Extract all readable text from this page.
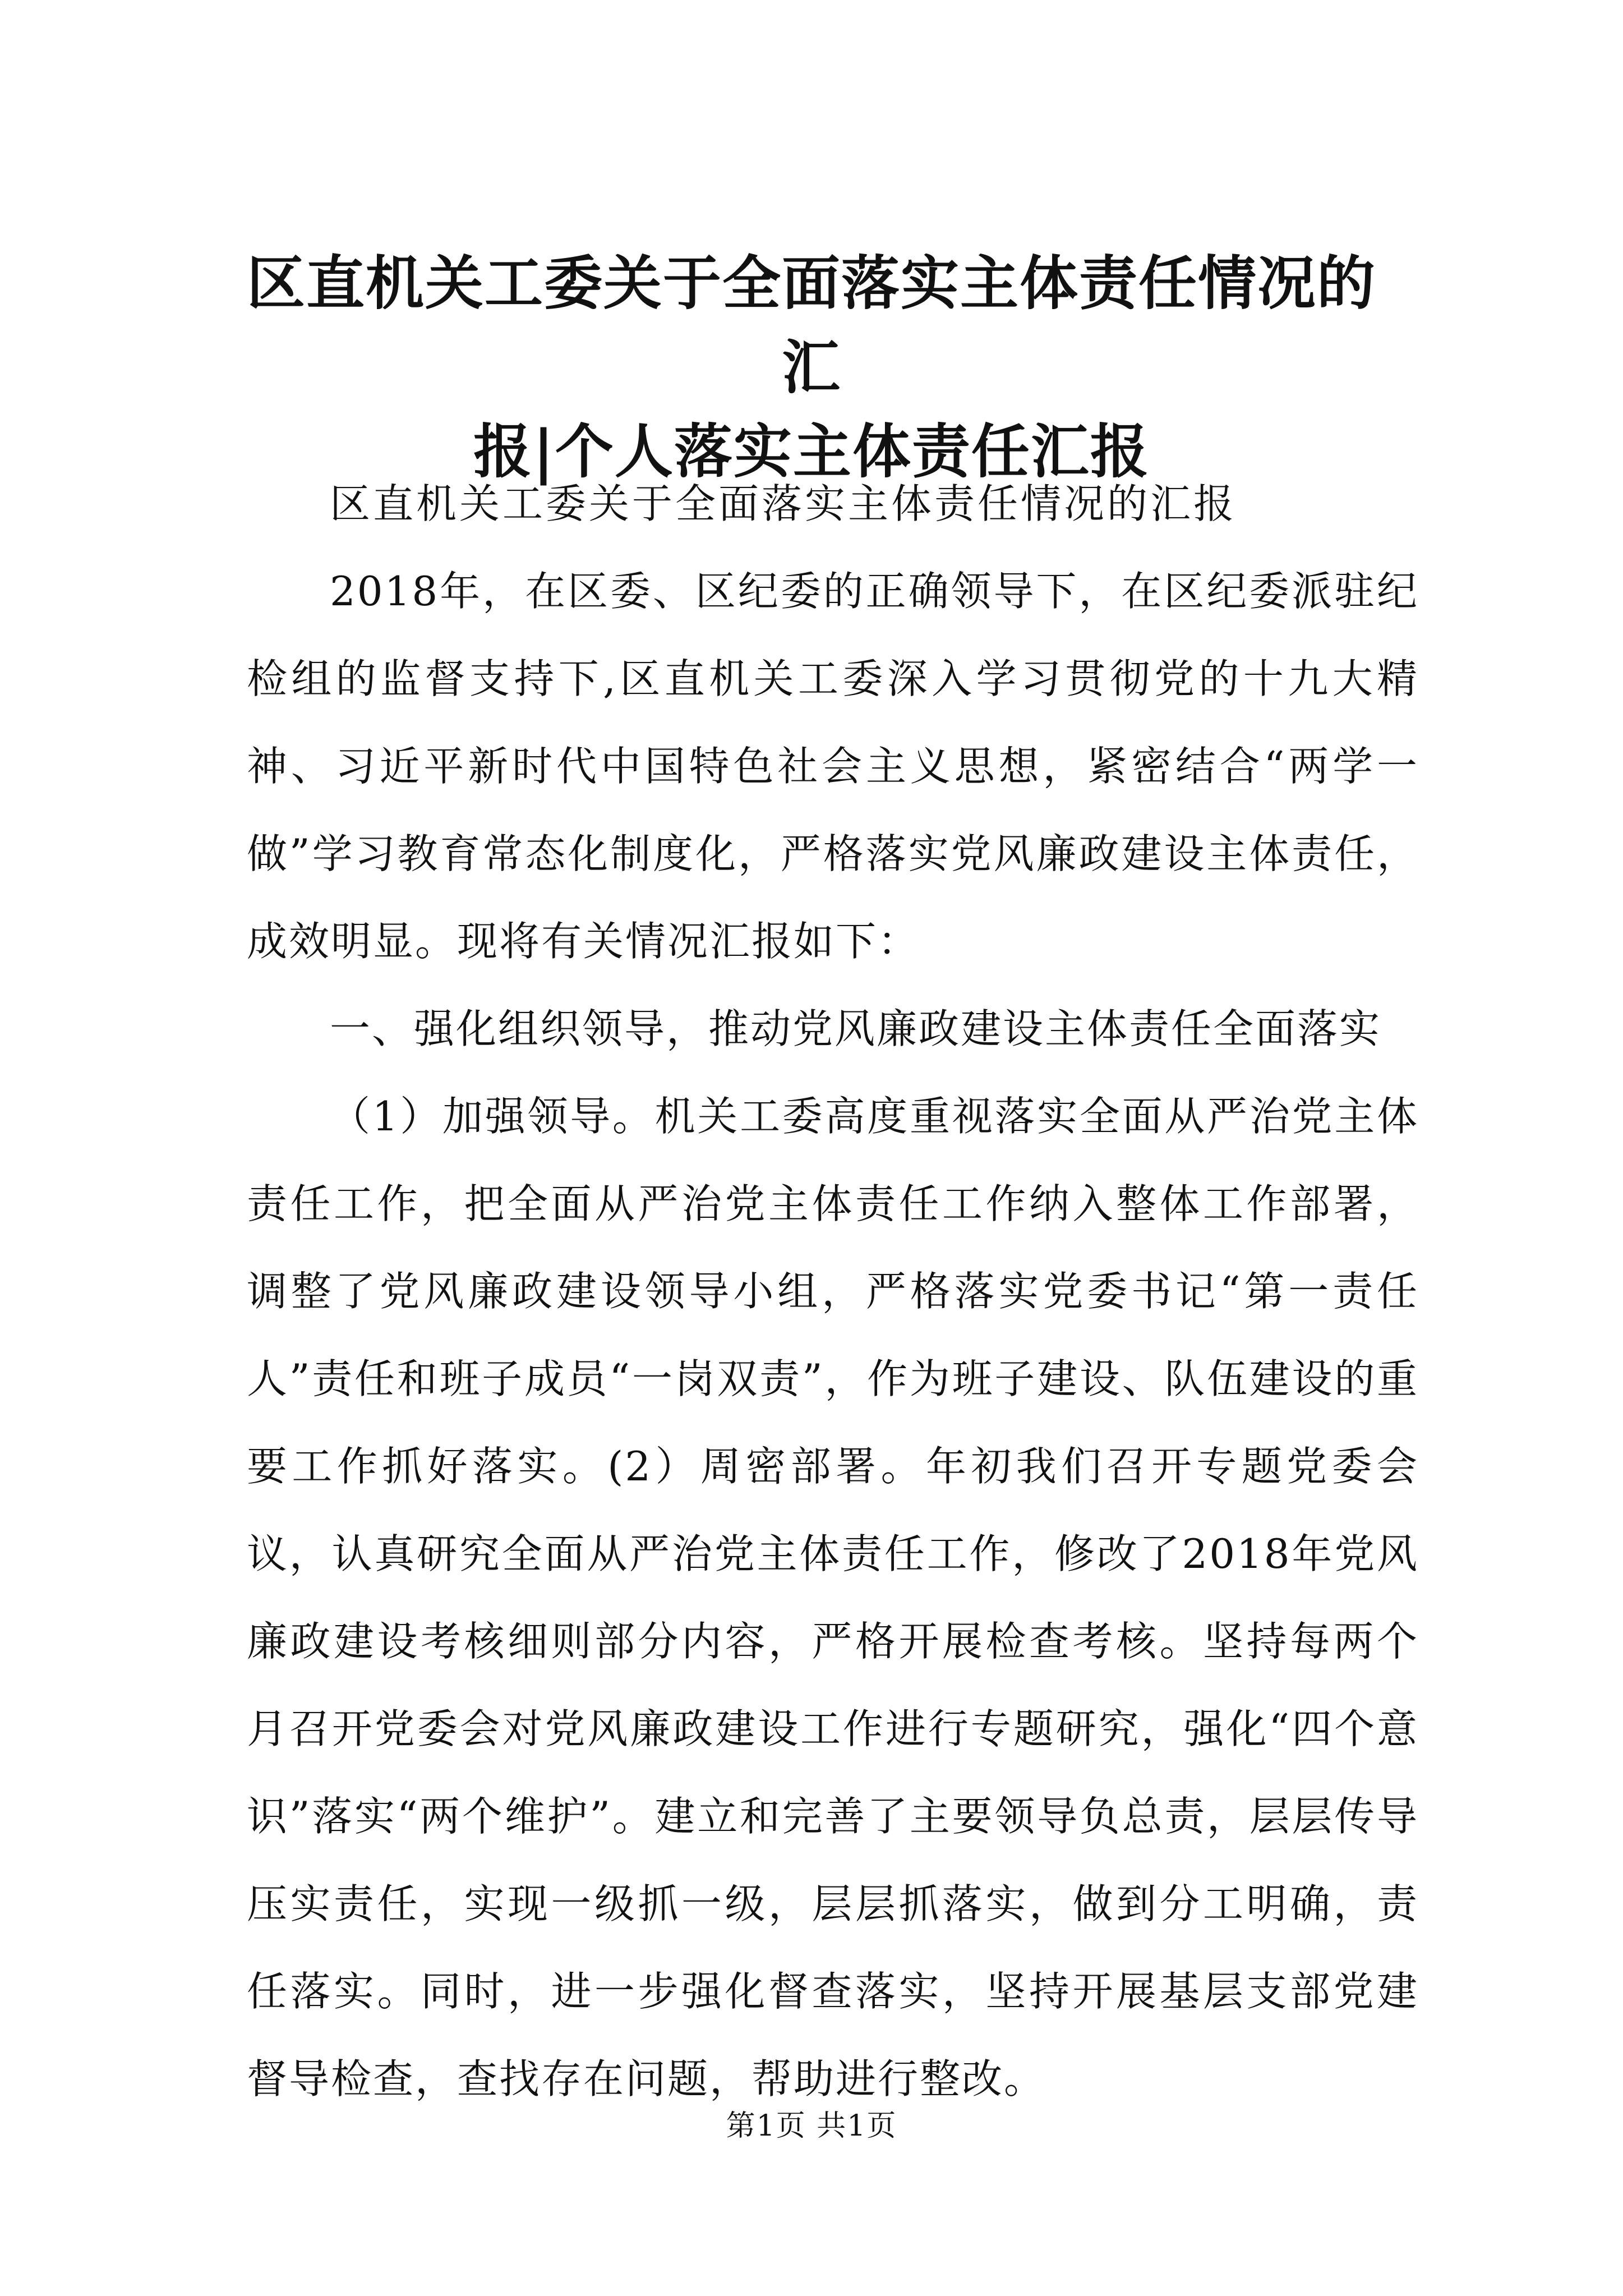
区直机关工委关于全面落实主体责任情况的汇
报|个人落实主体责任汇报

区直机关工委关于全面落实主体责任情况的汇报

2018年，在区委、区纪委的正确领导下，在区纪委派驻纪检组的监督支持下,区直机关工委深入学习贯彻党的十九大精神、习近平新时代中国特色社会主义思想，紧密结合“两学一做”学习教育常态化制度化，严格落实党风廉政建设主体责任，成效明显。现将有关情况汇报如下：

一、强化组织领导，推动党风廉政建设主体责任全面落实

（1）加强领导。机关工委高度重视落实全面从严治党主体责任工作，把全面从严治党主体责任工作纳入整体工作部署，调整了党风廉政建设领导小组，严格落实党委书记“第一责任人”责任和班子成员“一岗双责”，作为班子建设、队伍建设的重要工作抓好落实。(2）周密部署。年初我们召开专题党委会议，认真研究全面从严治党主体责任工作，修改了2018年党风廉政建设考核细则部分内容，严格开展检查考核。坚持每两个月召开党委会对党风廉政建设工作进行专题研究，强化“四个意识”落实“两个维护”。建立和完善了主要领导负总责，层层传导压实责任，实现一级抓一级，层层抓落实，做到分工明确，责任落实。同时，进一步强化督查落实，坚持开展基层支部党建督导检查，查找存在问题，帮助进行整改。

第1页 共1页
